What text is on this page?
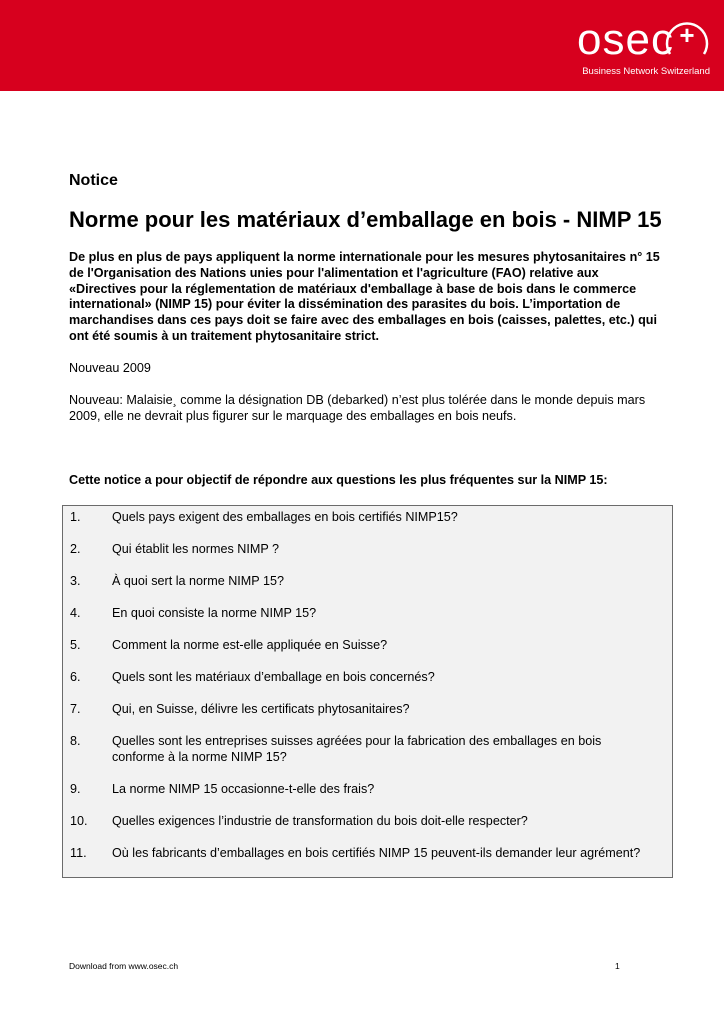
osec +
Business Network Switzerland
Notice
Norme pour les matériaux d’emballage en bois - NIMP 15

De plus en plus de pays appliquent la norme internationale pour les mesures phytosanitaires n° 15 de l'Organisation des Nations unies pour l'alimentation et l'agriculture (FAO) relative aux «Directives pour la réglementation de matériaux d'emballage à base de bois dans le commerce international» (NIMP 15) pour éviter la dissémination des parasites du bois. L’importation de marchandises dans ces pays doit se faire avec des emballages en bois (caisses, palettes, etc.) qui ont été soumis à un traitement phytosanitaire strict.

Nouveau 2009

Nouveau: Malaisie¸ comme la désignation DB (debarked) n’est plus tolérée dans le monde depuis mars 2009, elle ne devrait plus figurer sur le marquage des emballages en bois neufs.

Cette notice a pour objectif de répondre aux questions les plus fréquentes sur la NIMP 15:

1. Quels pays exigent des emballages en bois certifiés NIMP15?
2. Qui établit les normes NIMP ?
3. À quoi sert la norme NIMP 15?
4. En quoi consiste la norme NIMP 15?
5. Comment la norme est-elle appliquée en Suisse?
6. Quels sont les matériaux d’emballage en bois concernés?
7. Qui, en Suisse, délivre les certificats phytosanitaires?
8. Quelles sont les entreprises suisses agréées pour la fabrication des emballages en bois conforme à la norme NIMP 15?
9. La norme NIMP 15 occasionne-t-elle des frais?
10. Quelles exigences l’industrie de transformation du bois doit-elle respecter?
11. Où les fabricants d’emballages en bois certifiés NIMP 15 peuvent-ils demander leur agrément?
Download from www.osec.ch	1
